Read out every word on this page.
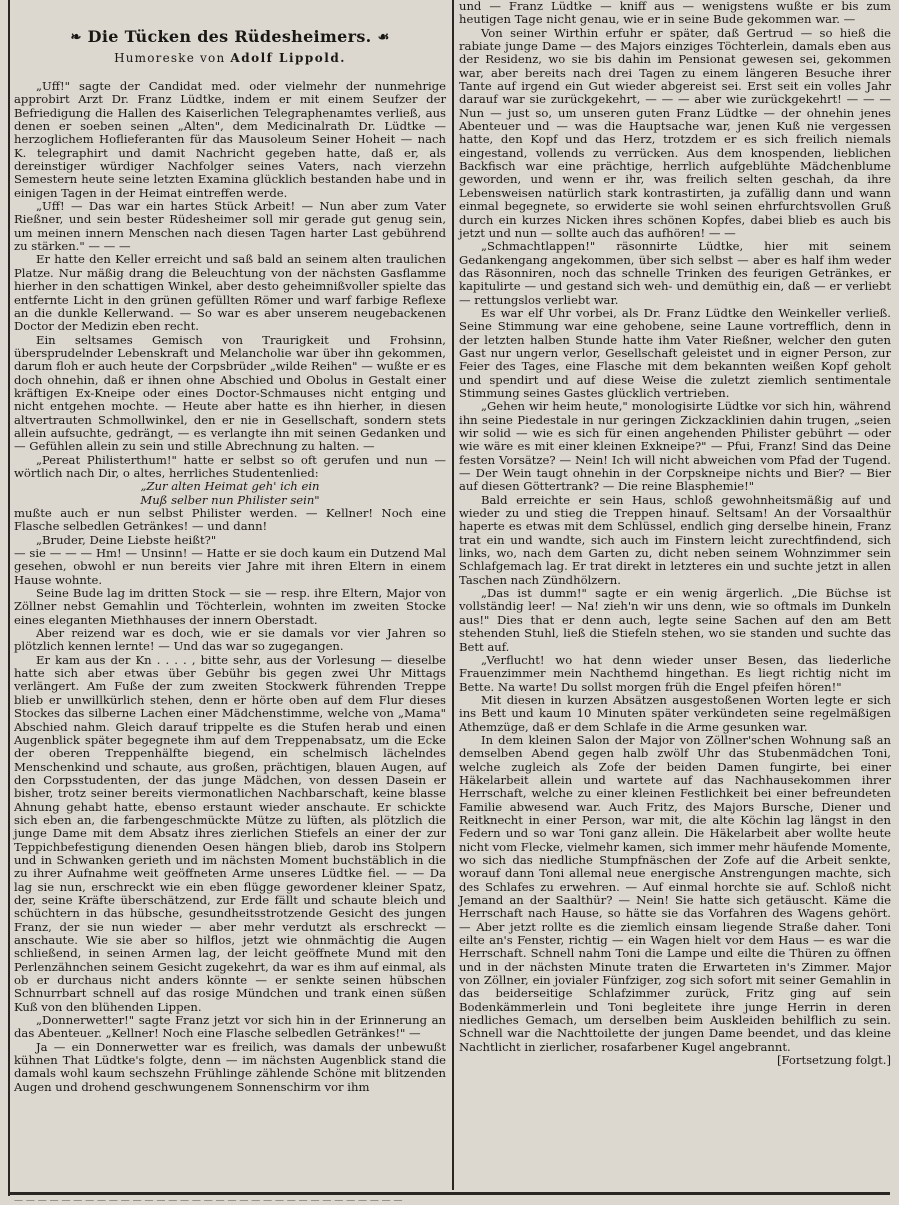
— — — — — — — — — — — — — — — — — — — — — — — — — — — — — — — — —
❧ Die Tücken des Rüdesheimers. ☙
Humoreske von Adolf Lippold.

„Uff!" sagte der Candidat med. oder vielmehr der nunmehrige approbirt Arzt Dr. Franz Lüdtke, indem er mit einem Seufzer der Befriedigung die Hallen des Kaiserlichen Telegraphenamtes verließ, aus denen er soeben seinen „Alten", dem Medicinalrath Dr. Lüdtke — herzoglichem Hoflieferanten für das Mausoleum Seiner Hoheit — nach K. telegraphirt und damit Nachricht gegeben hatte, daß er, als dereinstiger würdiger Nachfolger seines Vaters, nach vierzehn Semestern heute seine letzten Examina glücklich bestanden habe und in einigen Tagen in der Heimat eintreffen werde.

„Uff! — Das war ein hartes Stück Arbeit! — Nun aber zum Vater Rießner, und sein bester Rüdesheimer soll mir gerade gut genug sein, um meinen innern Menschen nach diesen Tagen harter Last gebührend zu stärken." — — —

Er hatte den Keller erreicht und saß bald an seinem alten traulichen Platze. Nur mäßig drang die Beleuchtung von der nächsten Gasflamme hierher in den schattigen Winkel, aber desto geheimnißvoller spielte das entfernte Licht in den grünen gefüllten Römer und warf farbige Reflexe an die dunkle Kellerwand. — So war es aber unserem neugebackenen Doctor der Medizin eben recht.

Ein seltsames Gemisch von Traurigkeit und Frohsinn, übersprudelnder Lebenskraft und Melancholie war über ihn gekommen, darum floh er auch heute der Corpsbrüder „wilde Reihen" — wußte er es doch ohnehin, daß er ihnen ohne Abschied und Obolus in Gestalt einer kräftigen Ex-Kneipe oder eines Doctor-Schmauses nicht entging und nicht entgehen mochte. — Heute aber hatte es ihn hierher, in diesen altvertrauten Schmollwinkel, den er nie in Gesellschaft, sondern stets allein aufsuchte, gedrängt, — es verlangte ihn mit seinen Gedanken und — Gefühlen allein zu sein und stille Abrechnung zu halten. —

„Pereat Philisterthum!" hatte er selbst so oft gerufen und nun — wörtlich nach Dir, o altes, herrliches Studentenlied:

„Zur alten Heimat geh' ich ein

Muß selber nun Philister sein"

mußte auch er nun selbst Philister werden. — Kellner! Noch eine Flasche selbedlen Getränkes! — und dann!

„Bruder, Deine Liebste heißt?"

— sie — — — Hm! — Unsinn! — Hatte er sie doch kaum ein Dutzend Mal gesehen, obwohl er nun bereits vier Jahre mit ihren Eltern in einem Hause wohnte.

Seine Bude lag im dritten Stock — sie — resp. ihre Eltern, Major von Zöllner nebst Gemahlin und Töchterlein, wohnten im zweiten Stocke eines eleganten Miethhauses der innern Oberstadt.

Aber reizend war es doch, wie er sie damals vor vier Jahren so plötzlich kennen lernte! — Und das war so zugegangen.

Er kam aus der Kn . . . . , bitte sehr, aus der Vorlesung — dieselbe hatte sich aber etwas über Gebühr bis gegen zwei Uhr Mittags verlängert. Am Fuße der zum zweiten Stockwerk führenden Treppe blieb er unwillkürlich stehen, denn er hörte oben auf dem Flur dieses Stockes das silberne Lachen einer Mädchenstimme, welche von „Mama" Abschied nahm. Gleich darauf trippelte es die Stufen herab und einen Augenblick später begegnete ihm auf dem Treppenabsatz, um die Ecke der oberen Treppenhälfte biegend, ein schelmisch lächelndes Menschenkind und schaute, aus großen, prächtigen, blauen Augen, auf den Corpsstudenten, der das junge Mädchen, von dessen Dasein er bisher, trotz seiner bereits viermonatlichen Nachbarschaft, keine blasse Ahnung gehabt hatte, ebenso erstaunt wieder anschaute. Er schickte sich eben an, die farbengeschmückte Mütze zu lüften, als plötzlich die junge Dame mit dem Absatz ihres zierlichen Stiefels an einer der zur Teppichbefestigung dienenden Oesen hängen blieb, darob ins Stolpern und in Schwanken gerieth und im nächsten Moment buchstäblich in die zu ihrer Aufnahme weit geöffneten Arme unseres Lüdtke fiel. — — Da lag sie nun, erschreckt wie ein eben flügge gewordener kleiner Spatz, der, seine Kräfte überschätzend, zur Erde fällt und schaute bleich und schüchtern in das hübsche, gesundheitsstrotzende Gesicht des jungen Franz, der sie nun wieder — aber mehr verdutzt als erschreckt — anschaute. Wie sie aber so hilflos, jetzt wie ohnmächtig die Augen schließend, in seinen Armen lag, der leicht geöffnete Mund mit den Perlenzähnchen seinem Gesicht zugekehrt, da war es ihm auf einmal, als ob er durchaus nicht anders könnte — er senkte seinen hübschen Schnurrbart schnell auf das rosige Mündchen und trank einen süßen Kuß von den blühenden Lippen.

„Donnerwetter!" sagte Franz jetzt vor sich hin in der Erinnerung an das Abenteuer. „Kellner! Noch eine Flasche selbedlen Getränkes!" —

Ja — ein Donnerwetter war es freilich, was damals der unbewußt kühnen That Lüdtke's folgte, denn — im nächsten Augenblick stand die damals wohl kaum sechszehn Frühlinge zählende Schöne mit blitzenden Augen und drohend geschwungenem Sonnenschirm vor ihm

und — Franz Lüdtke — kniff aus — wenigstens wußte er bis zum heutigen Tage nicht genau, wie er in seine Bude gekommen war. —

Von seiner Wirthin erfuhr er später, daß Gertrud — so hieß die rabiate junge Dame — des Majors einziges Töchterlein, damals eben aus der Residenz, wo sie bis dahin im Pensionat gewesen sei, gekommen war, aber bereits nach drei Tagen zu einem längeren Besuche ihrer Tante auf irgend ein Gut wieder abgereist sei. Erst seit ein volles Jahr darauf war sie zurückgekehrt, — — — aber wie zurückgekehrt! — — — Nun — just so, um unseren guten Franz Lüdtke — der ohnehin jenes Abenteuer und — was die Hauptsache war, jenen Kuß nie vergessen hatte, den Kopf und das Herz, trotzdem er es sich freilich niemals eingestand, vollends zu verrücken. Aus dem knospenden, lieblichen Backfisch war eine prächtige, herrlich aufgeblühte Mädchenblume geworden, und wenn er ihr, was freilich selten geschah, da ihre Lebensweisen natürlich stark kontrastirten, ja zufällig dann und wann einmal begegnete, so erwiderte sie wohl seinen ehrfurchtsvollen Gruß durch ein kurzes Nicken ihres schönen Kopfes, dabei blieb es auch bis jetzt und nun — sollte auch das aufhören! — —

„Schmachtlappen!" räsonnirte Lüdtke, hier mit seinem Gedankengang angekommen, über sich selbst — aber es half ihm weder das Räsonniren, noch das schnelle Trinken des feurigen Getränkes, er kapitulirte — und gestand sich weh- und demüthig ein, daß — er verliebt — rettungslos verliebt war.

Es war elf Uhr vorbei, als Dr. Franz Lüdtke den Weinkeller verließ. Seine Stimmung war eine gehobene, seine Laune vortrefflich, denn in der letzten halben Stunde hatte ihm Vater Rießner, welcher den guten Gast nur ungern verlor, Gesellschaft geleistet und in eigner Person, zur Feier des Tages, eine Flasche mit dem bekannten weißen Kopf geholt und spendirt und auf diese Weise die zuletzt ziemlich sentimentale Stimmung seines Gastes glücklich vertrieben.

„Gehen wir heim heute," monologisirte Lüdtke vor sich hin, während ihn seine Piedestale in nur geringen Zickzacklinien dahin trugen, „seien wir solid — wie es sich für einen angehenden Philister gebührt — oder wie wäre es mit einer kleinen Exkneipe?" — Pfui, Franz! Sind das Deine festen Vorsätze? — Nein! Ich will nicht abweichen vom Pfad der Tugend. — Der Wein taugt ohnehin in der Corpskneipe nichts und Bier? — Bier auf diesen Göttertrank? — Die reine Blasphemie!"

Bald erreichte er sein Haus, schloß gewohnheitsmäßig auf und wieder zu und stieg die Treppen hinauf. Seltsam! An der Vorsaalthür haperte es etwas mit dem Schlüssel, endlich ging derselbe hinein, Franz trat ein und wandte, sich auch im Finstern leicht zurechtfindend, sich links, wo, nach dem Garten zu, dicht neben seinem Wohnzimmer sein Schlafgemach lag. Er trat direkt in letzteres ein und suchte jetzt in allen Taschen nach Zündhölzern.

„Das ist dumm!" sagte er ein wenig ärgerlich. „Die Büchse ist vollständig leer! — Na! zieh'n wir uns denn, wie so oftmals im Dunkeln aus!" Dies that er denn auch, legte seine Sachen auf den am Bett stehenden Stuhl, ließ die Stiefeln stehen, wo sie standen und suchte das Bett auf.

„Verflucht! wo hat denn wieder unser Besen, das liederliche Frauenzimmer mein Nachthemd hingethan. Es liegt richtig nicht im Bette. Na warte! Du sollst morgen früh die Engel pfeifen hören!"

Mit diesen in kurzen Absätzen ausgestoßenen Worten legte er sich ins Bett und kaum 10 Minuten später verkündeten seine regelmäßigen Athemzüge, daß er dem Schlafe in die Arme gesunken war.

In dem kleinen Salon der Major von Zöllner'schen Wohnung saß an demselben Abend gegen halb zwölf Uhr das Stubenmädchen Toni, welche zugleich als Zofe der beiden Damen fungirte, bei einer Häkelarbeit allein und wartete auf das Nachhausekommen ihrer Herrschaft, welche zu einer kleinen Festlichkeit bei einer befreundeten Familie abwesend war. Auch Fritz, des Majors Bursche, Diener und Reitknecht in einer Person, war mit, die alte Köchin lag längst in den Federn und so war Toni ganz allein. Die Häkelarbeit aber wollte heute nicht vom Flecke, vielmehr kamen, sich immer mehr häufende Momente, wo sich das niedliche Stumpfnäschen der Zofe auf die Arbeit senkte, worauf dann Toni allemal neue energische Anstrengungen machte, sich des Schlafes zu erwehren. — Auf einmal horchte sie auf. Schloß nicht Jemand an der Saalthür? — Nein! Sie hatte sich getäuscht. Käme die Herrschaft nach Hause, so hätte sie das Vorfahren des Wagens gehört. — Aber jetzt rollte es die ziemlich einsam liegende Straße daher. Toni eilte an's Fenster, richtig — ein Wagen hielt vor dem Haus — es war die Herrschaft. Schnell nahm Toni die Lampe und eilte die Thüren zu öffnen und in der nächsten Minute traten die Erwarteten in's Zimmer. Major von Zöllner, ein jovialer Fünfziger, zog sich sofort mit seiner Gemahlin in das beiderseitige Schlafzimmer zurück, Fritz ging auf sein Bodenkämmerlein und Toni begleitete ihre junge Herrin in deren niedliches Gemach, um derselben beim Auskleiden behilflich zu sein. Schnell war die Nachttoilette der jungen Dame beendet, und das kleine Nachtlicht in zierlicher, rosafarbener Kugel angebrannt.

[Fortsetzung folgt.]
